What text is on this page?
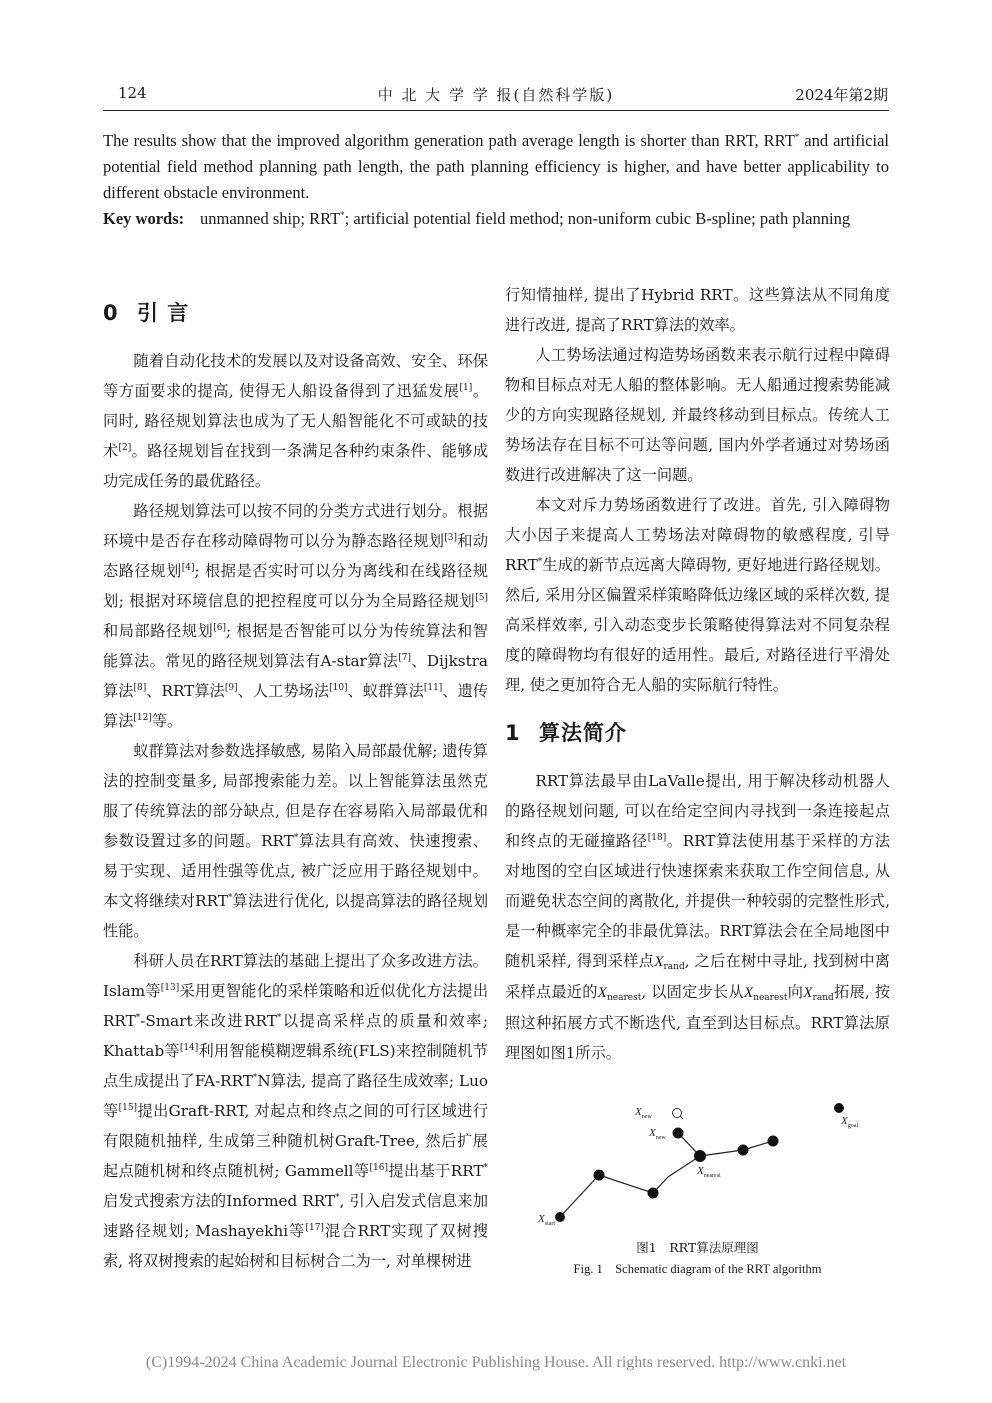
124	中 北 大 学 学 报(自然科学版)	2024年第2期
The results show that the improved algorithm generation path average length is shorter than RRT, RRT* and artificial potential field method planning path length, the path planning efficiency is higher, and have better applicability to different obstacle environment.
Key words: unmanned ship; RRT*; artificial potential field method; non-uniform cubic B-spline; path planning
0 引 言

随着自动化技术的发展以及对设备高效、安全、环保等方面要求的提高, 使得无人船设备得到了迅猛发展[1]。同时, 路径规划算法也成为了无人船智能化不可或缺的技术[2]。路径规划旨在找到一条满足各种约束条件、能够成功完成任务的最优路径。

路径规划算法可以按不同的分类方式进行划分。根据环境中是否存在移动障碍物可以分为静态路径规划[3]和动态路径规划[4]; 根据是否实时可以分为离线和在线路径规划; 根据对环境信息的把控程度可以分为全局路径规划[5]和局部路径规划[6]; 根据是否智能可以分为传统算法和智能算法。常见的路径规划算法有A-star算法[7]、Dijkstra算法[8]、RRT算法[9]、人工势场法[10]、蚁群算法[11]、遗传算法[12]等。

蚁群算法对参数选择敏感, 易陷入局部最优解; 遗传算法的控制变量多, 局部搜索能力差。以上智能算法虽然克服了传统算法的部分缺点, 但是存在容易陷入局部最优和参数设置过多的问题。RRT*算法具有高效、快速搜索、易于实现、适用性强等优点, 被广泛应用于路径规划中。本文将继续对RRT*算法进行优化, 以提高算法的路径规划性能。

科研人员在RRT算法的基础上提出了众多改进方法。Islam等[13]采用更智能化的采样策略和近似优化方法提出RRT*-Smart来改进RRT*以提高采样点的质量和效率; Khattab等[14]利用智能模糊逻辑系统(FLS)来控制随机节点生成提出了FA-RRT*N算法, 提高了路径生成效率; Luo等[15]提出Graft-RRT, 对起点和终点之间的可行区域进行有限随机抽样, 生成第三种随机树Graft-Tree, 然后扩展起点随机树和终点随机树; Gammell等[16]提出基于RRT*启发式搜索方法的Informed RRT*, 引入启发式信息来加速路径规划; Mashayekhi等[17]混合RRT实现了双树搜索, 将双树搜索的起始树和目标树合二为一, 对单棵树进

行知情抽样, 提出了Hybrid RRT。这些算法从不同角度进行改进, 提高了RRT算法的效率。

人工势场法通过构造势场函数来表示航行过程中障碍物和目标点对无人船的整体影响。无人船通过搜索势能减少的方向实现路径规划, 并最终移动到目标点。传统人工势场法存在目标不可达等问题, 国内外学者通过对势场函数进行改进解决了这一问题。

本文对斥力势场函数进行了改进。首先, 引入障碍物大小因子来提高人工势场法对障碍物的敏感程度, 引导RRT*生成的新节点远离大障碍物, 更好地进行路径规划。然后, 采用分区偏置采样策略降低边缘区域的采样次数, 提高采样效率, 引入动态变步长策略使得算法对不同复杂程度的障碍物均有很好的适用性。最后, 对路径进行平滑处理, 使之更加符合无人船的实际航行特性。

1 算法简介

RRT算法最早由LaValle提出, 用于解决移动机器人的路径规划问题, 可以在给定空间内寻找到一条连接起点和终点的无碰撞路径[18]。RRT算法使用基于采样的方法对地图的空白区域进行快速探索来获取工作空间信息, 从而避免状态空间的离散化, 并提供一种较弱的完整性形式, 是一种概率完全的非最优算法。RRT算法会在全局地图中随机采样, 得到采样点$X_{rand}$, 之后在树中寻址, 找到树中离采样点最近的$X_{nearest}$, 以固定步长从$X_{nearest}$向$X_{rand}$拓展, 按照这种拓展方式不断迭代, 直至到达目标点。RRT算法原理图如图1所示。

$X_{new}$
$X_{new}$
$X_{goal}$
$X_{nearest}$
$X_{start}$
图1　RRT算法原理图
Fig. 1　Schematic diagram of the RRT algorithm
(C)1994-2024 China Academic Journal Electronic Publishing House. All rights reserved. http://www.cnki.net
